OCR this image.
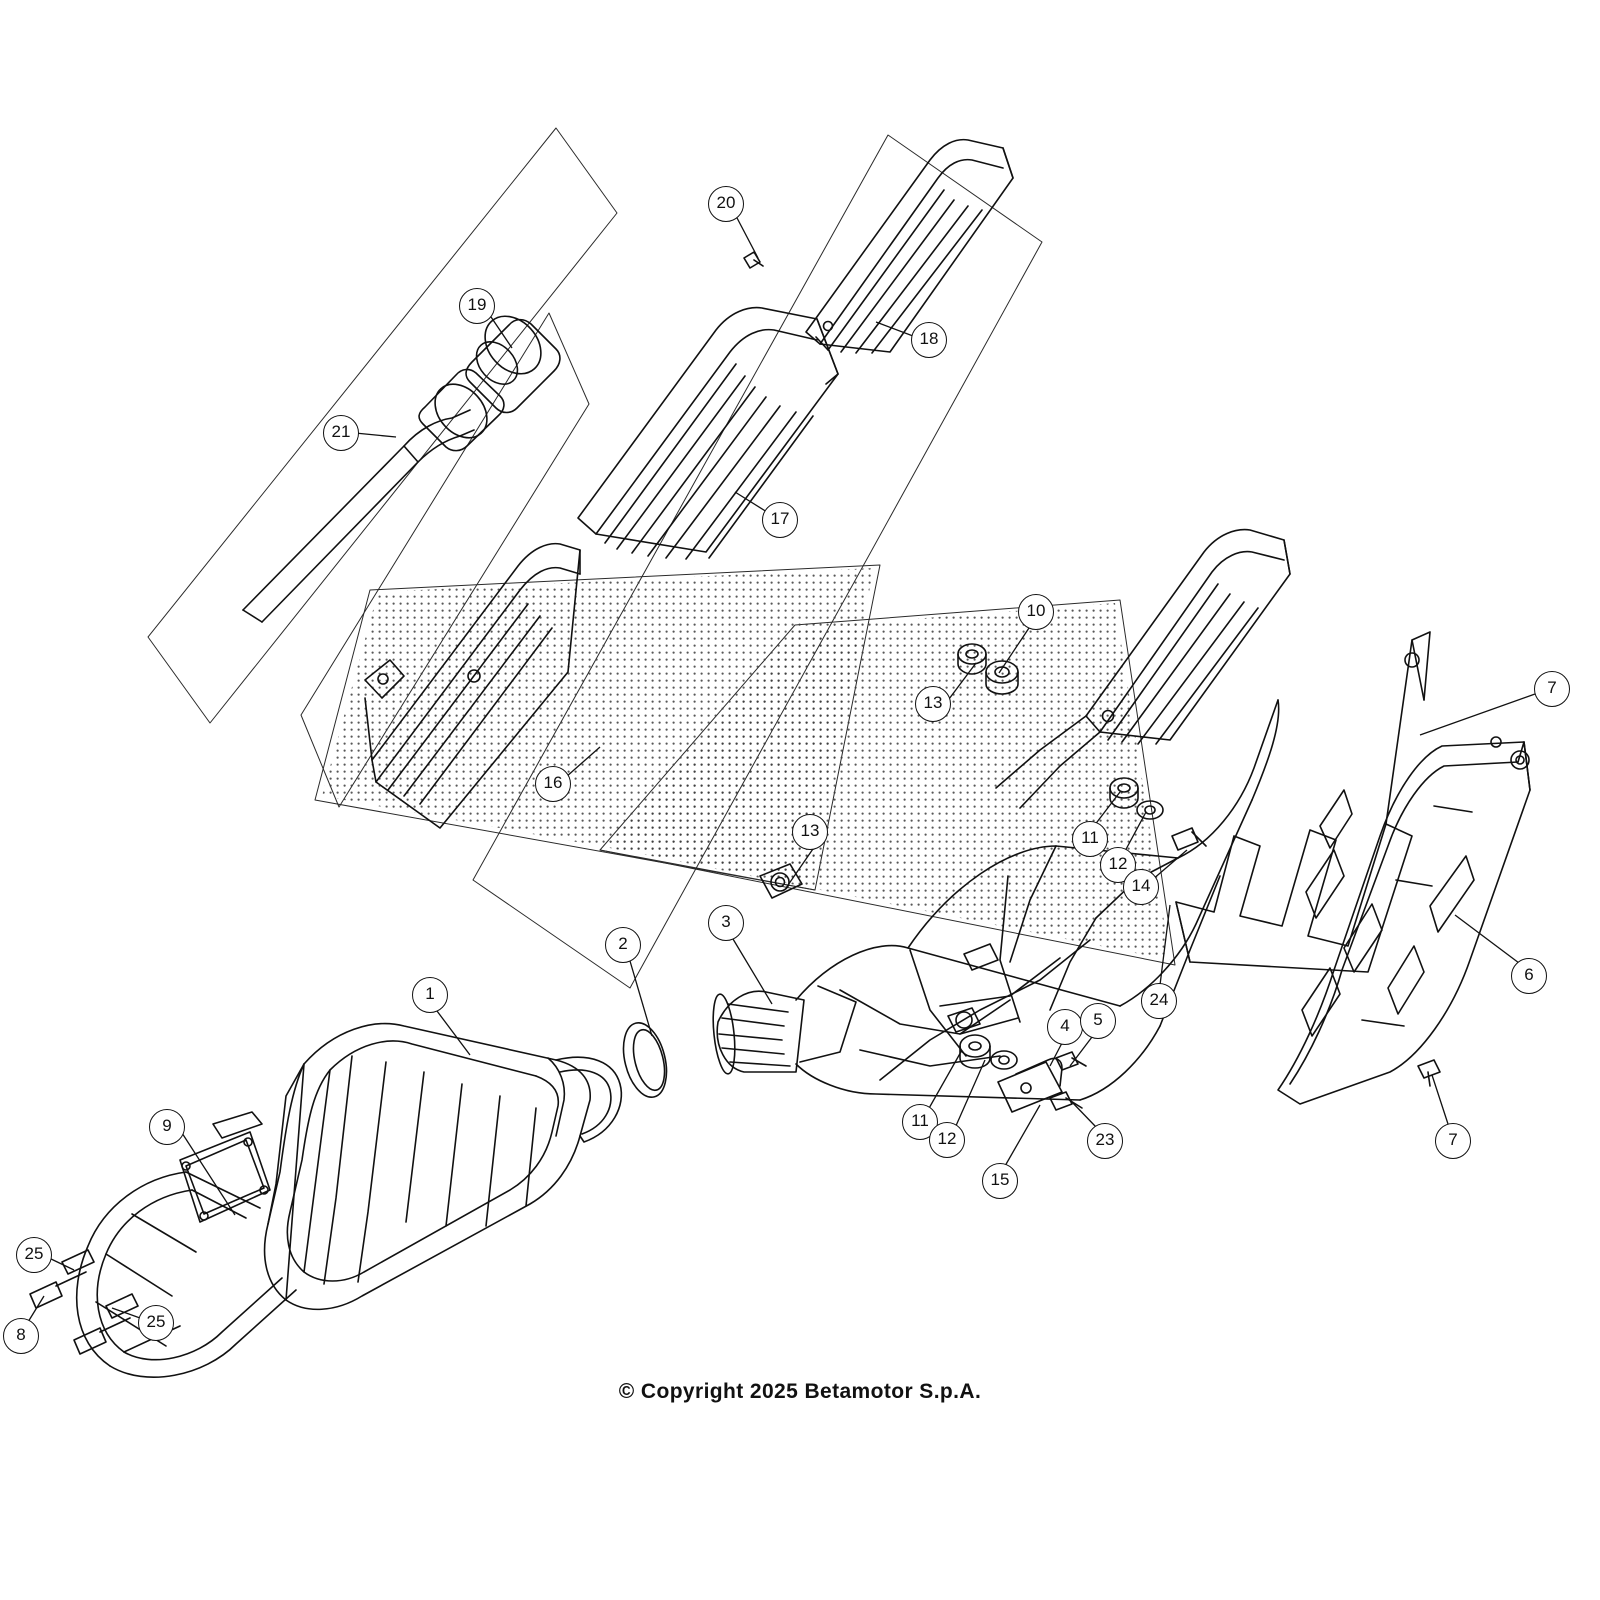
1
2
3
4	5
6
7
7
8
9
10
11
11
12
12
13
13
14
15
16
17
18
19
20
21
23
24
25
25
© Copyright 2025 Betamotor S.p.A.
